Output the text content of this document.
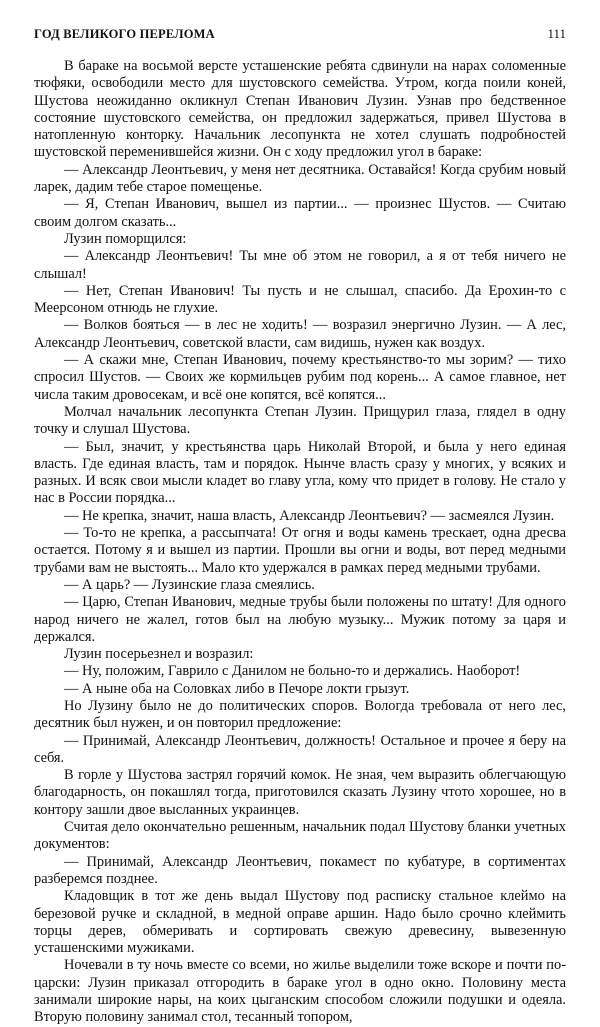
ГОД ВЕЛИКОГО ПЕРЕЛОМА	111

В бараке на восьмой версте усташенские ребята сдвинули на нарах соломенные тюфяки, освободили место для шустовского семейства. Утром, когда поили коней, Шустова неожиданно окликнул Степан Иванович Лузин. Узнав про бедственное состояние шустовского семейства, он предложил задержаться, привел Шустова в натопленную конторку. Начальник лесопункта не хотел слушать подробностей шустовской переменившейся жизни. Он с ходу предложил угол в бараке:

— Александр Леонтьевич, у меня нет десятника. Оставайся! Когда срубим новый ларек, дадим тебе старое помещенье.

— Я, Степан Иванович, вышел из партии... — произнес Шустов. — Считаю своим долгом сказать...

Лузин поморщился:

— Александр Леонтьевич! Ты мне об этом не говорил, а я от тебя ничего не слышал!

— Нет, Степан Иванович! Ты пусть и не слышал, спасибо. Да Ерохин-то с Меерсоном отнюдь не глухие.

— Волков бояться — в лес не ходить! — возразил энергично Лузин. — А лес, Александр Леонтьевич, советской власти, сам видишь, нужен как воздух.

— А скажи мне, Степан Иванович, почему крестьянство-то мы зорим? — тихо спросил Шустов. — Своих же кормильцев рубим под корень... А самое главное, нет числа таким дровосекам, и всё оне копятся, всё копятся...

Молчал начальник лесопункта Степан Лузин. Прищурил глаза, глядел в одну точку и слушал Шустова.

— Был, значит, у крестьянства царь Николай Второй, и была у него единая власть. Где единая власть, там и порядок. Нынче власть сразу у многих, у всяких и разных. И всяк свои мысли кладет во главу угла, кому что придет в голову. Не стало у нас в России порядка...

— Не крепка, значит, наша власть, Александр Леонтьевич? — засмеялся Лузин.

— То-то не крепка, а рассыпчата! От огня и воды камень трескает, одна дресва остается. Потому я и вышел из партии. Прошли вы огни и воды, вот перед медными трубами вам не выстоять... Мало кто удержался в рамках перед медными трубами.

— А царь? — Лузинские глаза смеялись.

— Царю, Степан Иванович, медные трубы были положены по штату! Для одного народ ничего не жалел, готов был на любую музыку... Мужик потому за царя и держался.

Лузин посерьезнел и возразил:

— Ну, положим, Гаврило с Данилом не больно-то и держались. Наоборот!

— А ныне оба на Соловках либо в Печоре локти грызут.

Но Лузину было не до политических споров. Вологда требовала от него лес, десятник был нужен, и он повторил предложение:

— Принимай, Александр Леонтьевич, должность! Остальное и прочее я беру на себя.

В горле у Шустова застрял горячий комок. Не зная, чем выразить облегчающую благодарность, он покашлял тогда, приготовился сказать Лузину чтото хорошее, но в контору зашли двое высланных украинцев.

Считая дело окончательно решенным, начальник подал Шустову бланки учетных документов:

— Принимай, Александр Леонтьевич, покамест по кубатуре, в сортиментах разберемся позднее.

Кладовщик в тот же день выдал Шустову под расписку стальное клеймо на березовой ручке и складной, в медной оправе аршин. Надо было срочно клеймить торцы дерев, обмеривать и сортировать свежую древесину, вывезенную усташенскими мужиками.

Ночевали в ту ночь вместе со всеми, но жилье выделили тоже вскоре и почти по-царски: Лузин приказал отгородить в бараке угол в одно окно. Половину места занимали широкие нары, на коих цыганским способом сложили подушки и одеяла. Вторую половину занимал стол, тесанный топором,
